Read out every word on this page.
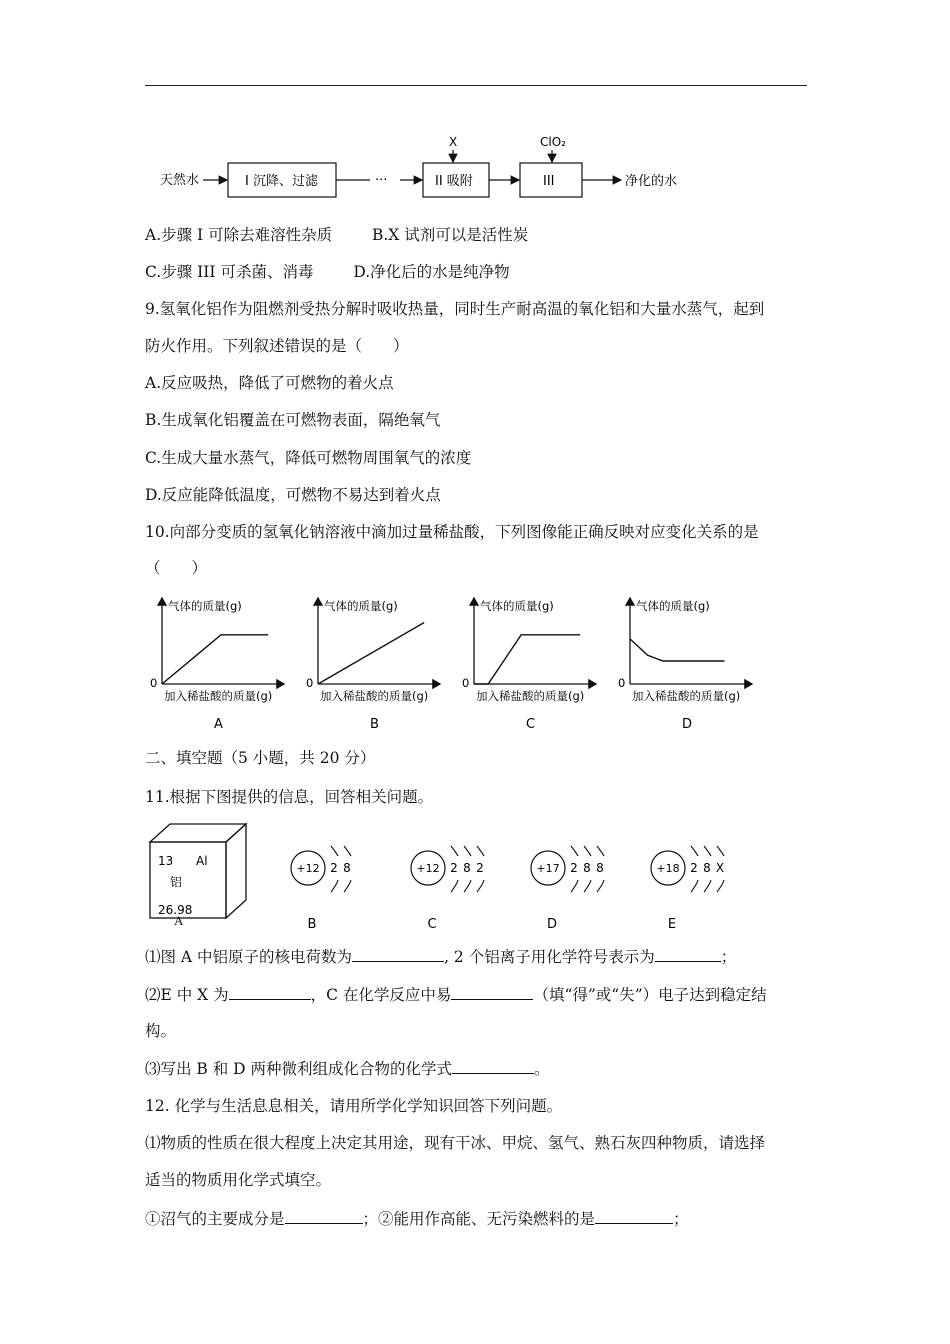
天然水	I 沉降、过滤	···
X
II 吸附
ClO₂
III	净化的水
A.步骤 I 可除去难溶性杂质	B.X 试剂可以是活性炭
C.步骤 III 可杀菌、消毒	D.净化后的水是纯净物
9.氢氧化铝作为阻燃剂受热分解时吸收热量，同时生产耐高温的氧化铝和大量水蒸气，起到
防火作用。下列叙述错误的是（　　）
A.反应吸热，降低了可燃物的着火点
B.生成氧化铝覆盖在可燃物表面，隔绝氧气
C.生成大量水蒸气，降低可燃物周围氧气的浓度
D.反应能降低温度，可燃物不易达到着火点
10.向部分变质的氢氧化钠溶液中滴加过量稀盐酸，下列图像能正确反映对应变化关系的是
（　　）
气体的质量(g)
加入稀盐酸的质量(g)
0
A
气体的质量(g)
加入稀盐酸的质量(g)
0
B
气体的质量(g)
加入稀盐酸的质量(g)
0
C
气体的质量(g)
加入稀盐酸的质量(g)
0
D
二、填空题（5 小题，共 20 分）
11.根据下图提供的信息，回答相关问题。
13 Al
铝
26.98
A
+12 2 8
B
+12 2 8 2
C
+17 2 8 8
D
+18 2 8 X
E
⑴图 A 中铝原子的核电荷数为	, 2 个铝离子用化学符号表示为	；
⑵E 中 X 为	，C 在化学反应中易	（填“得”或“失”）电子达到稳定结
构。
⑶写出 B 和 D 两种微利组成化合物的化学式	。
12. 化学与生活息息相关，请用所学化学知识回答下列问题。
⑴物质的性质在很大程度上决定其用途，现有干冰、甲烷、氢气、熟石灰四种物质，请选择
适当的物质用化学式填空。
①沼气的主要成分是	；②能用作高能、无污染燃料的是	；
